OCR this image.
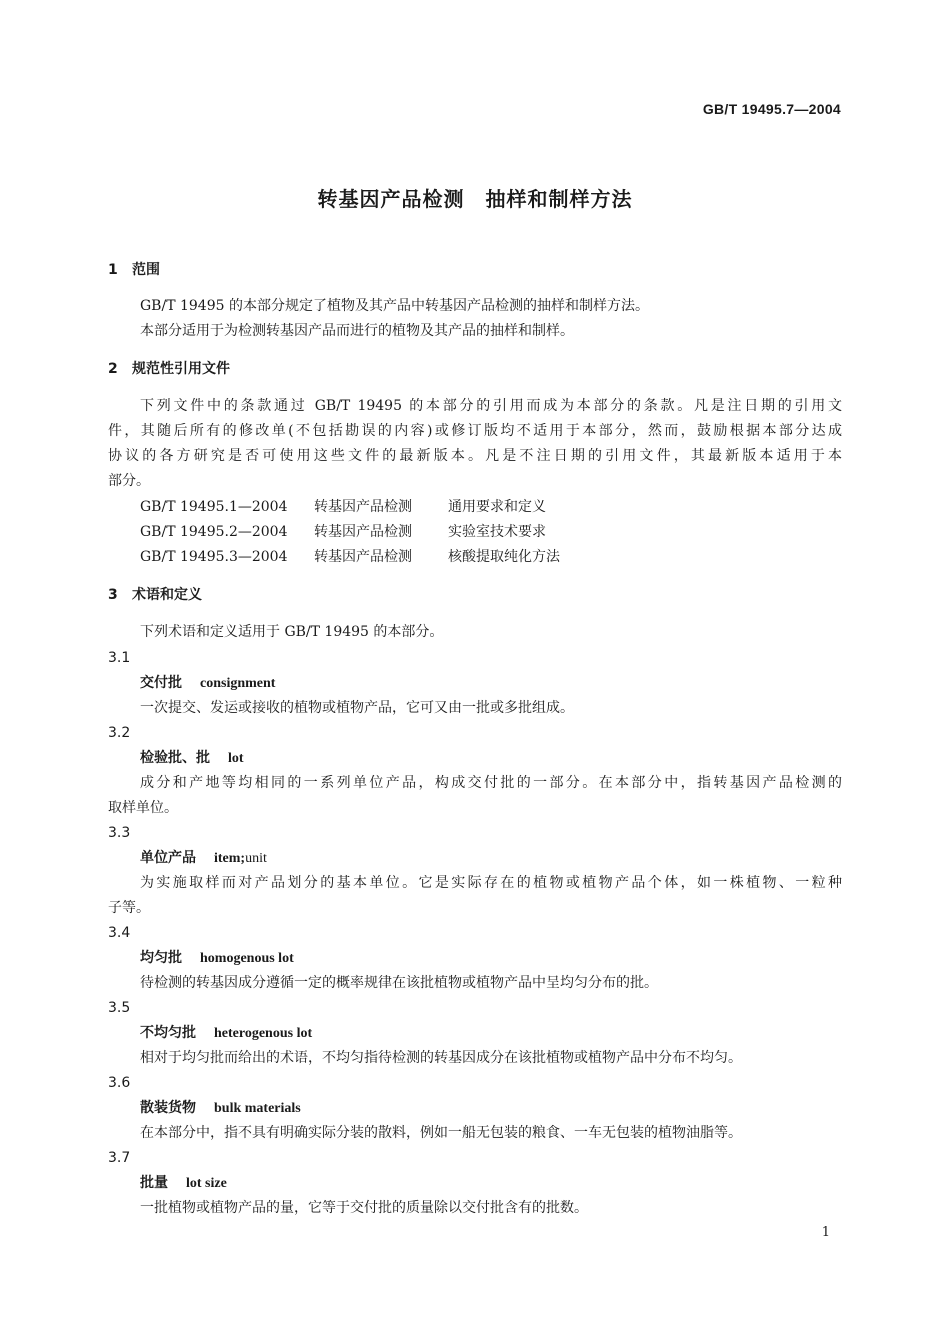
GB/T 19495.7—2004
转基因产品检测　抽样和制样方法
1 范围
GB/T 19495 的本部分规定了植物及其产品中转基因产品检测的抽样和制样方法。
本部分适用于为检测转基因产品而进行的植物及其产品的抽样和制样。
2 规范性引用文件
下列文件中的条款通过 GB/T 19495 的本部分的引用而成为本部分的条款。凡是注日期的引用文
件，其随后所有的修改单(不包括勘误的内容)或修订版均不适用于本部分，然而，鼓励根据本部分达成
协议的各方研究是否可使用这些文件的最新版本。凡是不注日期的引用文件，其最新版本适用于本
部分。
GB/T 19495.1—2004 转基因产品检测	通用要求和定义
GB/T 19495.2—2004 转基因产品检测	实验室技术要求
GB/T 19495.3—2004 转基因产品检测	核酸提取纯化方法
3 术语和定义
下列术语和定义适用于 GB/T 19495 的本部分。
3.1
交付批 consignment
一次提交、发运或接收的植物或植物产品，它可又由一批或多批组成。
3.2
检验批、批 lot
成分和产地等均相同的一系列单位产品，构成交付批的一部分。在本部分中，指转基因产品检测的
取样单位。
3.3
单位产品 item;unit
为实施取样而对产品划分的基本单位。它是实际存在的植物或植物产品个体，如一株植物、一粒种
子等。
3.4
均匀批 homogenous lot
待检测的转基因成分遵循一定的概率规律在该批植物或植物产品中呈均匀分布的批。
3.5
不均匀批 heterogenous lot
相对于均匀批而给出的术语，不均匀指待检测的转基因成分在该批植物或植物产品中分布不均匀。
3.6
散装货物 bulk materials
在本部分中，指不具有明确实际分装的散料，例如一船无包装的粮食、一车无包装的植物油脂等。
3.7
批量 lot size
一批植物或植物产品的量，它等于交付批的质量除以交付批含有的批数。
1
